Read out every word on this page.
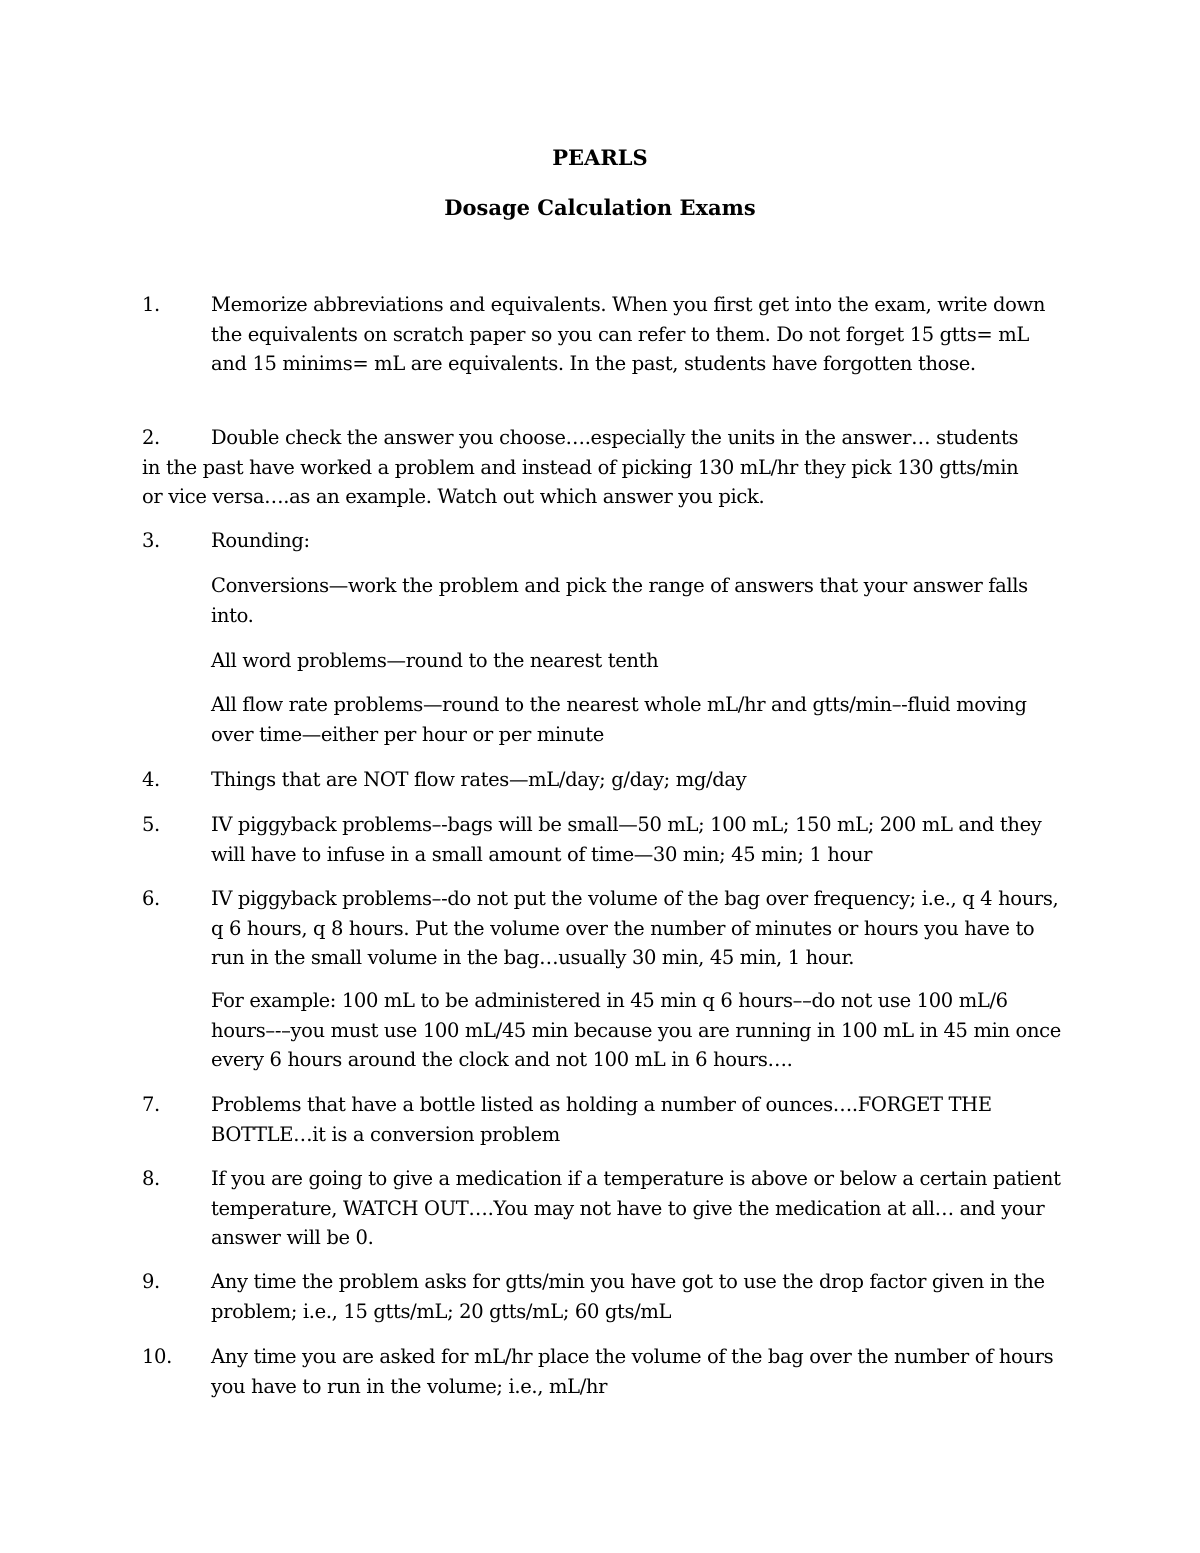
PEARLS
Dosage Calculation Exams
1.	Memorize abbreviations and equivalents. When you first get into the exam, write down the equivalents on scratch paper so you can refer to them. Do not forget 15 gtts= mL and 15 minims= mL are equivalents. In the past, students have forgotten those.

2.	Double check the answer you choose….especially the units in the answer… students in the past have worked a problem and instead of picking 130 mL/hr they pick 130 gtts/min or vice versa….as an example. Watch out which answer you pick.

3.	Rounding:

Conversions—work the problem and pick the range of answers that your answer falls into.

All word problems—round to the nearest tenth

All flow rate problems—round to the nearest whole mL/hr and gtts/min–-fluid moving over time—either per hour or per minute

4.	Things that are NOT flow rates—mL/day; g/day; mg/day

5.	IV piggyback problems–-bags will be small—50 mL; 100 mL; 150 mL; 200 mL and they will have to infuse in a small amount of time—30 min; 45 min; 1 hour

6.	IV piggyback problems–-do not put the volume of the bag over frequency; i.e., q 4 hours, q 6 hours, q 8 hours. Put the volume over the number of minutes or hours you have to run in the small volume in the bag…usually 30 min, 45 min, 1 hour.

For example: 100 mL to be administered in 45 min q 6 hours––do not use 100 mL/6 hours–-–you must use 100 mL/45 min because you are running in 100 mL in 45 min once every 6 hours around the clock and not 100 mL in 6 hours….

7.	Problems that have a bottle listed as holding a number of ounces….FORGET THE BOTTLE…it is a conversion problem

8.	If you are going to give a medication if a temperature is above or below a certain patient temperature, WATCH OUT….You may not have to give the medication at all… and your answer will be 0.

9.	Any time the problem asks for gtts/min you have got to use the drop factor given in the problem; i.e., 15 gtts/mL; 20 gtts/mL; 60 gts/mL

10.	Any time you are asked for mL/hr place the volume of the bag over the number of hours you have to run in the volume; i.e., mL/hr
